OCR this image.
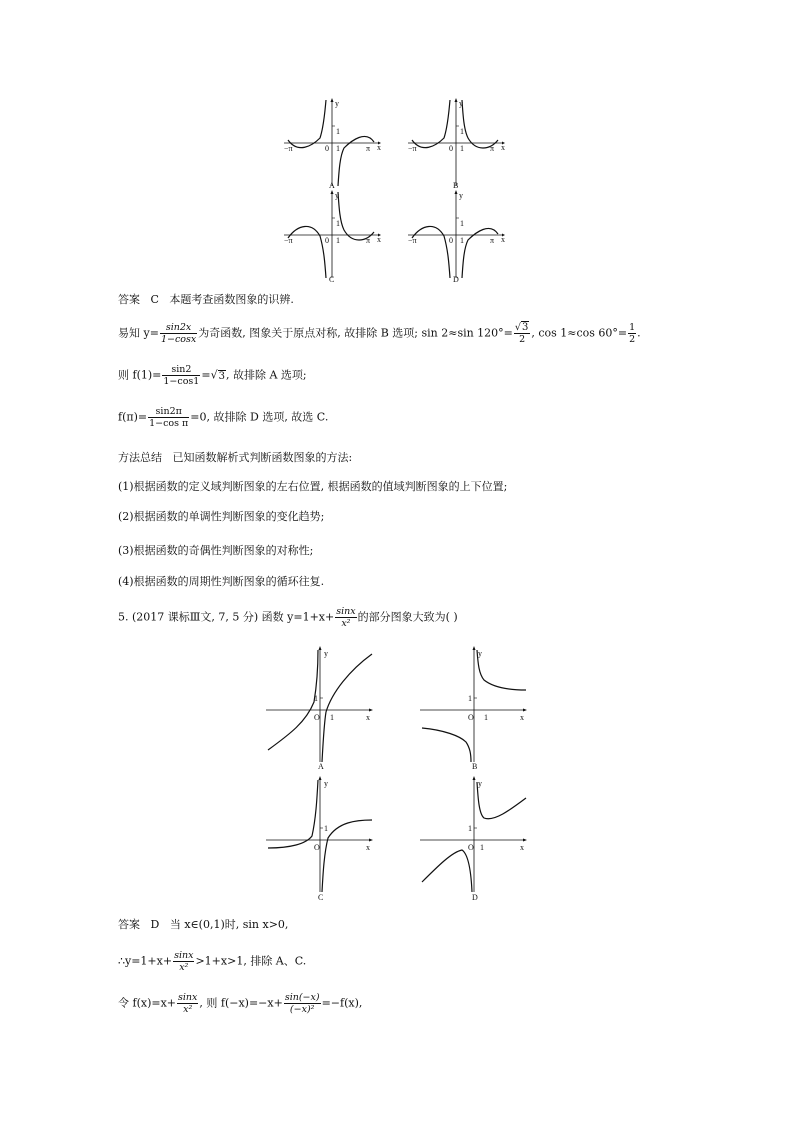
y
x
−π	π
0 1
1
A
y
x
−π	π
0 1
1
B
y
x
−π	π
0 1
1
C
y
x
−π	π
0 1
1
D
答案 C 本题考查函数图象的识辨.
易知 $y= \frac{\sin 2x}{1-\cos x}$ 为奇函数, 图象关于原点对称, 故排除 B 选项; sin 2≈sin $120^\circ= \frac{√3}{2}$ , cos 1≈cos $60^\circ= \frac{1}{2}$ .
则 $f(1)= \frac{\sin 2}{1-\cos 1} =√3$, 故排除 A 选项;
$f(\pi)= \frac{\sin 2\pi}{\text{1−cos π}} =0$, 故排除 D 选项, 故选 C.
方法总结 已知函数解析式判断函数图象的方法:
(1)根据函数的定义域判断图象的左右位置, 根据函数的值域判断图象的上下位置;
(2)根据函数的单调性判断图象的变化趋势;
(3)根据函数的奇偶性判断图象的对称性;
(4)根据函数的周期性判断图象的循环往复.
5. (2017 课标Ⅲ文, 7, 5 分) 函数 $y=1+x+ \frac{\sin x}{\text{x²}}$ 的部分图象大致为( )
y
x
O 1
1
A
y
x
O 1
1
B
y
x
O
1
C
y
x
O 1
1
D
答案 D 当 x∈(0,1)时, sin x>0,
∴y=1+x+ $\frac{\sin x}{\text{x²}} >1+x>1$, 排除 A、C.
令 $f(x)=x+ \frac{\sin x}{\text{x²}}$ , 则 $f(-x)=-x+ \frac{\sin(-x)}{\text{(−x)²}} =-f(x)$,
